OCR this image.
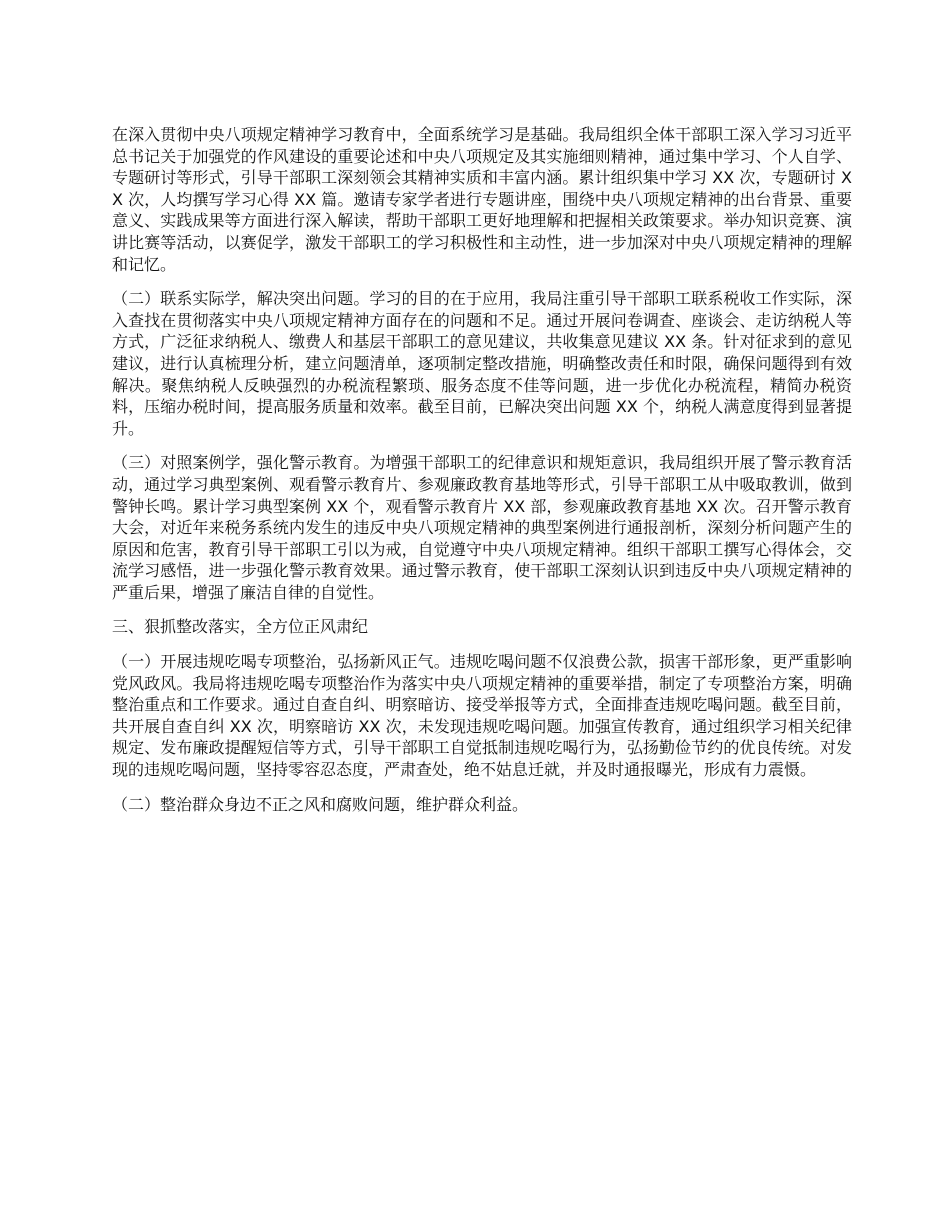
在深入贯彻中央八项规定精神学习教育中，全面系统学习是基础。我局组织全体干部职工深入学习习近平总书记关于加强党的作风建设的重要论述和中央八项规定及其实施细则精神，通过集中学习、个人自学、专题研讨等形式，引导干部职工深刻领会其精神实质和丰富内涵。累计组织集中学习 XX 次，专题研讨 XX 次，人均撰写学习心得 XX 篇。邀请专家学者进行专题讲座，围绕中央八项规定精神的出台背景、重要意义、实践成果等方面进行深入解读，帮助干部职工更好地理解和把握相关政策要求。举办知识竞赛、演讲比赛等活动，以赛促学，激发干部职工的学习积极性和主动性，进一步加深对中央八项规定精神的理解和记忆。

（二）联系实际学，解决突出问题。学习的目的在于应用，我局注重引导干部职工联系税收工作实际，深入查找在贯彻落实中央八项规定精神方面存在的问题和不足。通过开展问卷调查、座谈会、走访纳税人等方式，广泛征求纳税人、缴费人和基层干部职工的意见建议，共收集意见建议 XX 条。针对征求到的意见建议，进行认真梳理分析，建立问题清单，逐项制定整改措施，明确整改责任和时限，确保问题得到有效解决。聚焦纳税人反映强烈的办税流程繁琐、服务态度不佳等问题，进一步优化办税流程，精简办税资料，压缩办税时间，提高服务质量和效率。截至目前，已解决突出问题 XX 个，纳税人满意度得到显著提升。

（三）对照案例学，强化警示教育。为增强干部职工的纪律意识和规矩意识，我局组织开展了警示教育活动，通过学习典型案例、观看警示教育片、参观廉政教育基地等形式，引导干部职工从中吸取教训，做到警钟长鸣。累计学习典型案例 XX 个，观看警示教育片 XX 部，参观廉政教育基地 XX 次。召开警示教育大会，对近年来税务系统内发生的违反中央八项规定精神的典型案例进行通报剖析，深刻分析问题产生的原因和危害，教育引导干部职工引以为戒，自觉遵守中央八项规定精神。组织干部职工撰写心得体会，交流学习感悟，进一步强化警示教育效果。通过警示教育，使干部职工深刻认识到违反中央八项规定精神的严重后果，增强了廉洁自律的自觉性。

三、狠抓整改落实，全方位正风肃纪

（一）开展违规吃喝专项整治，弘扬新风正气。违规吃喝问题不仅浪费公款，损害干部形象，更严重影响党风政风。我局将违规吃喝专项整治作为落实中央八项规定精神的重要举措，制定了专项整治方案，明确整治重点和工作要求。通过自查自纠、明察暗访、接受举报等方式，全面排查违规吃喝问题。截至目前，共开展自查自纠 XX 次，明察暗访 XX 次，未发现违规吃喝问题。加强宣传教育，通过组织学习相关纪律规定、发布廉政提醒短信等方式，引导干部职工自觉抵制违规吃喝行为，弘扬勤俭节约的优良传统。对发现的违规吃喝问题，坚持零容忍态度，严肃查处，绝不姑息迁就，并及时通报曝光，形成有力震慑。

（二）整治群众身边不正之风和腐败问题，维护群众利益。
